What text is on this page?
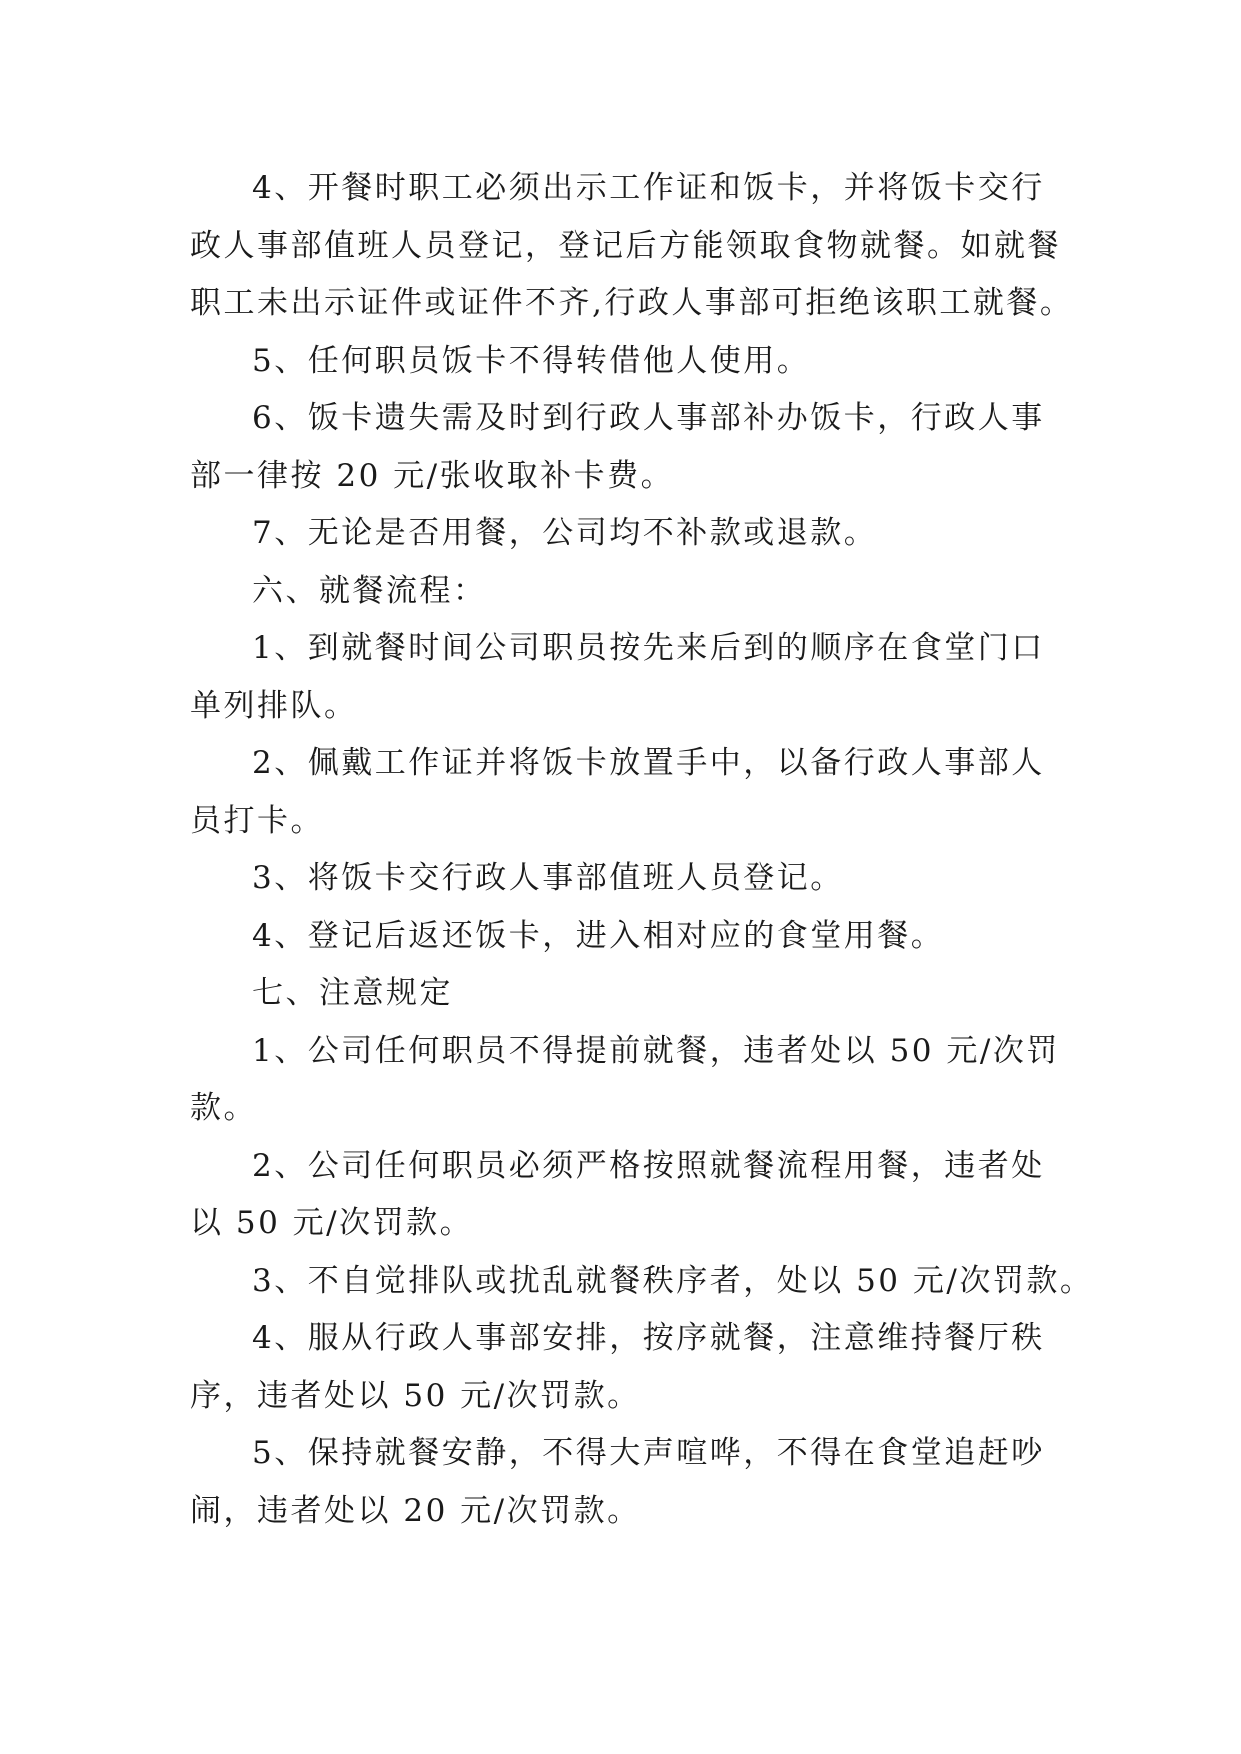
4、开餐时职工必须出示工作证和饭卡，并将饭卡交行
政人事部值班人员登记，登记后方能领取食物就餐。如就餐
职工未出示证件或证件不齐,行政人事部可拒绝该职工就餐。

5、任何职员饭卡不得转借他人使用。

6、饭卡遗失需及时到行政人事部补办饭卡，行政人事
部一律按 20 元/张收取补卡费。

7、无论是否用餐，公司均不补款或退款。

六、就餐流程：

1、到就餐时间公司职员按先来后到的顺序在食堂门口
单列排队。

2、佩戴工作证并将饭卡放置手中，以备行政人事部人
员打卡。

3、将饭卡交行政人事部值班人员登记。

4、登记后返还饭卡，进入相对应的食堂用餐。

七、注意规定

1、公司任何职员不得提前就餐，违者处以 50 元/次罚
款。

2、公司任何职员必须严格按照就餐流程用餐，违者处
以 50 元/次罚款。

3、不自觉排队或扰乱就餐秩序者，处以 50 元/次罚款。

4、服从行政人事部安排，按序就餐，注意维持餐厅秩
序，违者处以 50 元/次罚款。

5、保持就餐安静，不得大声喧哗，不得在食堂追赶吵
闹，违者处以 20 元/次罚款。
